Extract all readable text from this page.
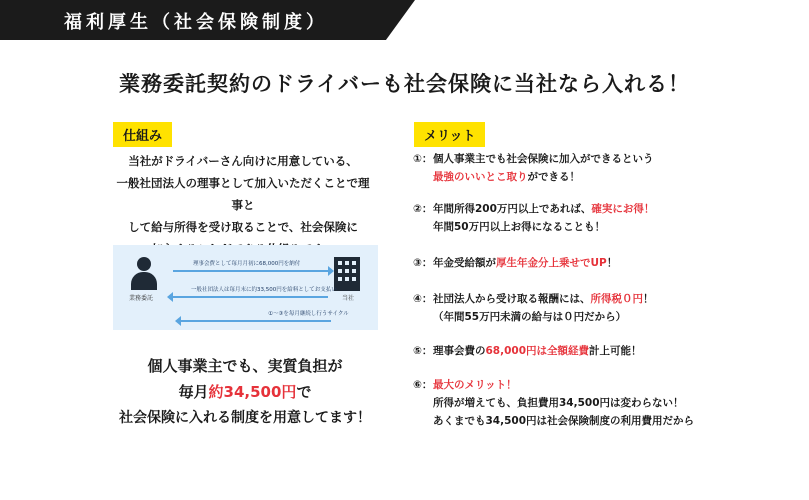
福利厚生（社会保険制度）
業務委託契約のドライバーも社会保険に当社なら入れる！
仕組み
当社がドライバーさん向けに用意している、
一般社団法人の理事として加入いただくことで理事と
して給与所得を受け取ることで、社会保険に
業務委託	当社
理事会費として毎月月初に68,000円を納付
一般社団法人は毎月末に約33,500円を給料としてお支払い
①〜③を毎月継続し行うサイクル
個人事業主でも、実質負担が
毎月約34,500円で
社会保険に入れる制度を用意してます！
メリット
①：個人事業主でも社会保険に加入ができるという
最強のいいとこ取りができる！
②：年間所得200万円以上であれば、確実にお得！
年間50万円以上お得になることも！
③：年金受給額が厚生年金分上乗せでUP！
④：社団法人から受け取る報酬には、所得税０円！
（年間55万円未満の給与は０円だから）
⑤：理事会費の68,000円は全額経費計上可能！
⑥：最大のメリット！
所得が増えても、負担費用34,500円は変わらない！
あくまでも34,500円は社会保険制度の利用費用だから
